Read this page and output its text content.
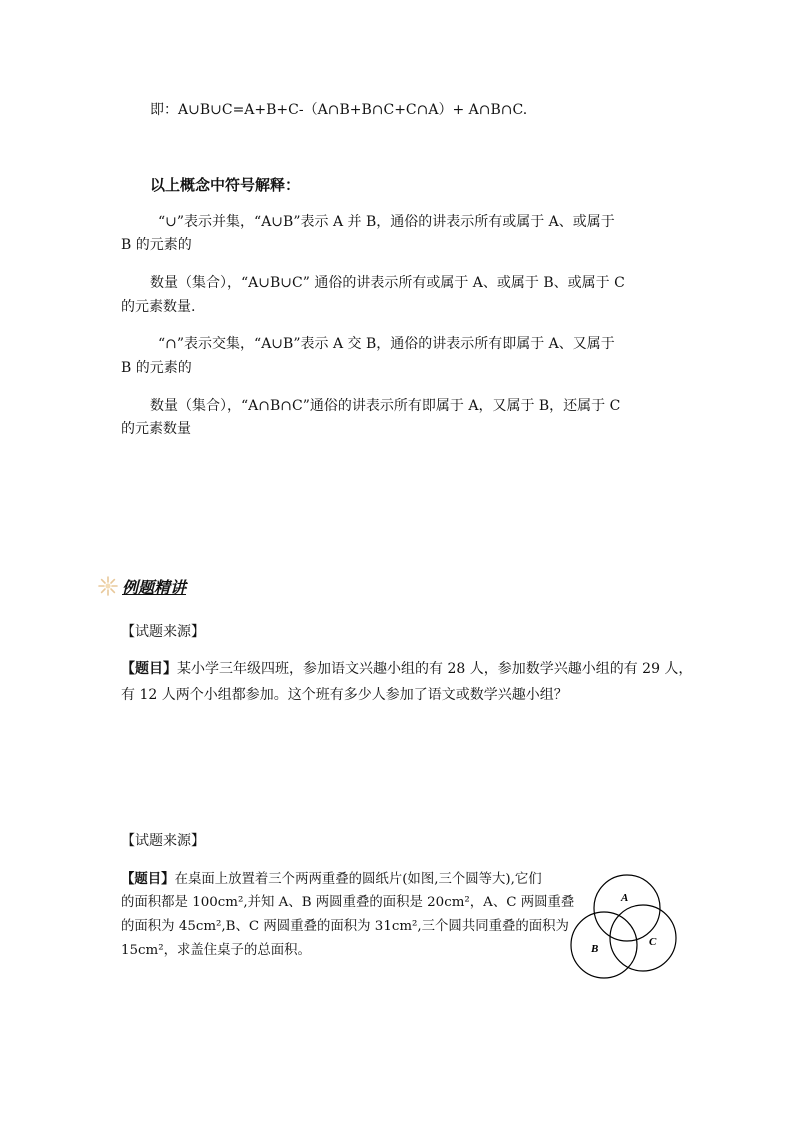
即：A∪B∪C=A+B+C-（A∩B+B∩C+C∩A）+ A∩B∩C.
以上概念中符号解释：
“∪”表示并集，“A∪B”表示 A 并 B，通俗的讲表示所有或属于 A、或属于
B 的元素的
数量（集合），“A∪B∪C” 通俗的讲表示所有或属于 A、或属于 B、或属于 C
的元素数量.
“∩”表示交集，“A∪B”表示 A 交 B，通俗的讲表示所有即属于 A、又属于
B 的元素的
数量（集合），“A∩B∩C”通俗的讲表示所有即属于 A，又属于 B，还属于 C
的元素数量
例题精讲
【试题来源】
【题目】某小学三年级四班，参加语文兴趣小组的有 28 人，参加数学兴趣小组的有 29 人，
有 12 人两个小组都参加。这个班有多少人参加了语文或数学兴趣小组？
【试题来源】
【题目】在桌面上放置着三个两两重叠的圆纸片(如图,三个圆等大),它们
的面积都是 100cm²,并知 A、B 两圆重叠的面积是 20cm²，A、C 两圆重叠
的面积为 45cm²,B、C 两圆重叠的面积为 31cm²,三个圆共同重叠的面积为
15cm²，求盖住桌子的总面积。
A
B
C
